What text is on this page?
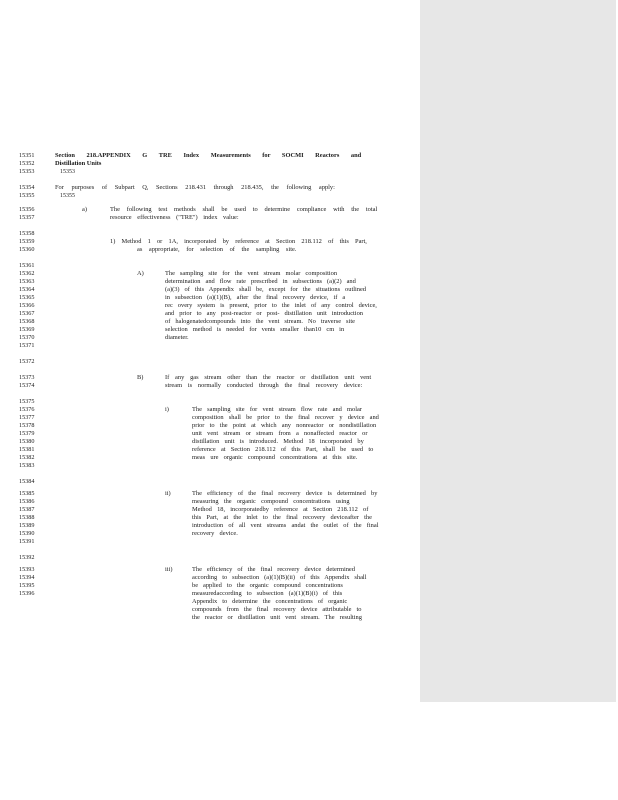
15351
15352
15353
15354
15355
15356
15357
15358
15359
15360
15361
15362
15363
15364
15365
15366
15367
15368
15369
15370
15371
15372
15373
15374
15375
15376
15377
15378
15379
15380
15381
15382
15383
15384
15385
15386
15387
15388
15389
15390
15391
15392
15393
15394
15395
15396
Section 218.APPENDIX G TRE Index Measurements for SOCMI Reactors and
Distillation Units
15353
For purposes of Subpart Q, Sections 218.431 through 218.435, the following apply:
15355
a)	The following test methods shall be used to determine compliance with the total
resource effectiveness ("TRE") index value:
1) Method 1 or 1A, incorporated by reference at Section 218.112 of this Part,
as appropriate, for selection of the sampling site.
A)	The sampling site for the vent stream molar composition
determination and flow rate prescribed in subsections (a)(2) and
(a)(3) of this Appendix shall be, except for the situations outlined
in subsection (a)(1)(B), after the final recovery device, if a
rec overy system is present, prior to the inlet of any control device,
and prior to any post-reactor or post- distillation unit introduction
of halogenatedcompounds into the vent stream. No traverse site
selection method is needed for vents smaller than10 cm in
diameter.
B)	If any gas stream other than the reactor or distillation unit vent
stream is normally conducted through the final recovery device:
i)	The sampling site for vent stream flow rate and molar
composition shall be prior to the final recover y device and
prior to the point at which any nonreactor or nondistillation
unit vent stream or stream from a nonaffected reactor or
distillation unit is introduced. Method 18 incorporated by
reference at Section 218.112 of this Part, shall be used to
meas ure organic compound concentrations at this site.
ii)	The efficiency of the final recovery device is determined by
measuring the organic compound concentrations using
Method 18, incorporatedby reference at Section 218.112 of
this Part, at the inlet to the final recovery deviceafter the
introduction of all vent streams andat the outlet of the final
recovery device.
iii)	The efficiency of the final recovery device determined
according to subsection (a)(1)(B)(ii) of this Appendix shall
be applied to the organic compound concentrations
measuredaccording to subsection (a)(1)(B)(i) of this
Appendix to determine the concentrations of organic
compounds from the final recovery device attributable to
the reactor or distillation unit vent stream. The resulting
